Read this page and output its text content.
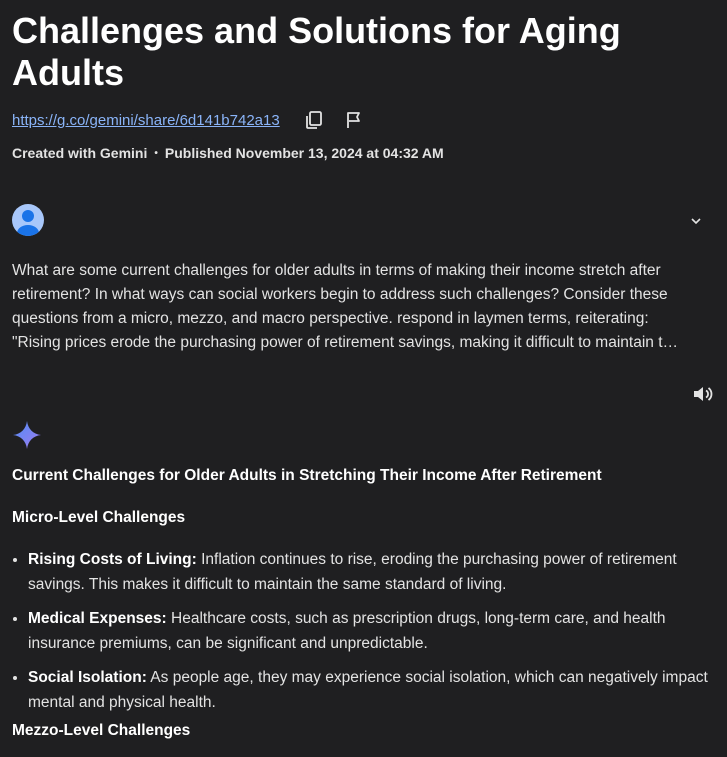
Challenges and Solutions for Aging Adults
https://g.co/gemini/share/6d141b742a13
Created with Gemini • Published November 13, 2024 at 04:32 AM
What are some current challenges for older adults in terms of making their income stretch after
retirement? In what ways can social workers begin to address such challenges? Consider these
questions from a micro, mezzo, and macro perspective. respond in laymen terms, reiterating:
"Rising prices erode the purchasing power of retirement savings, making it difficult to maintain t…

Current Challenges for Older Adults in Stretching Their Income After Retirement

Micro-Level Challenges

• Rising Costs of Living: Inflation continues to rise, eroding the purchasing power of retirement savings. This makes it difficult to maintain the same standard of living.
• Medical Expenses: Healthcare costs, such as prescription drugs, long-term care, and health insurance premiums, can be significant and unpredictable.
• Social Isolation: As people age, they may experience social isolation, which can negatively impact mental and physical health.

Mezzo-Level Challenges
